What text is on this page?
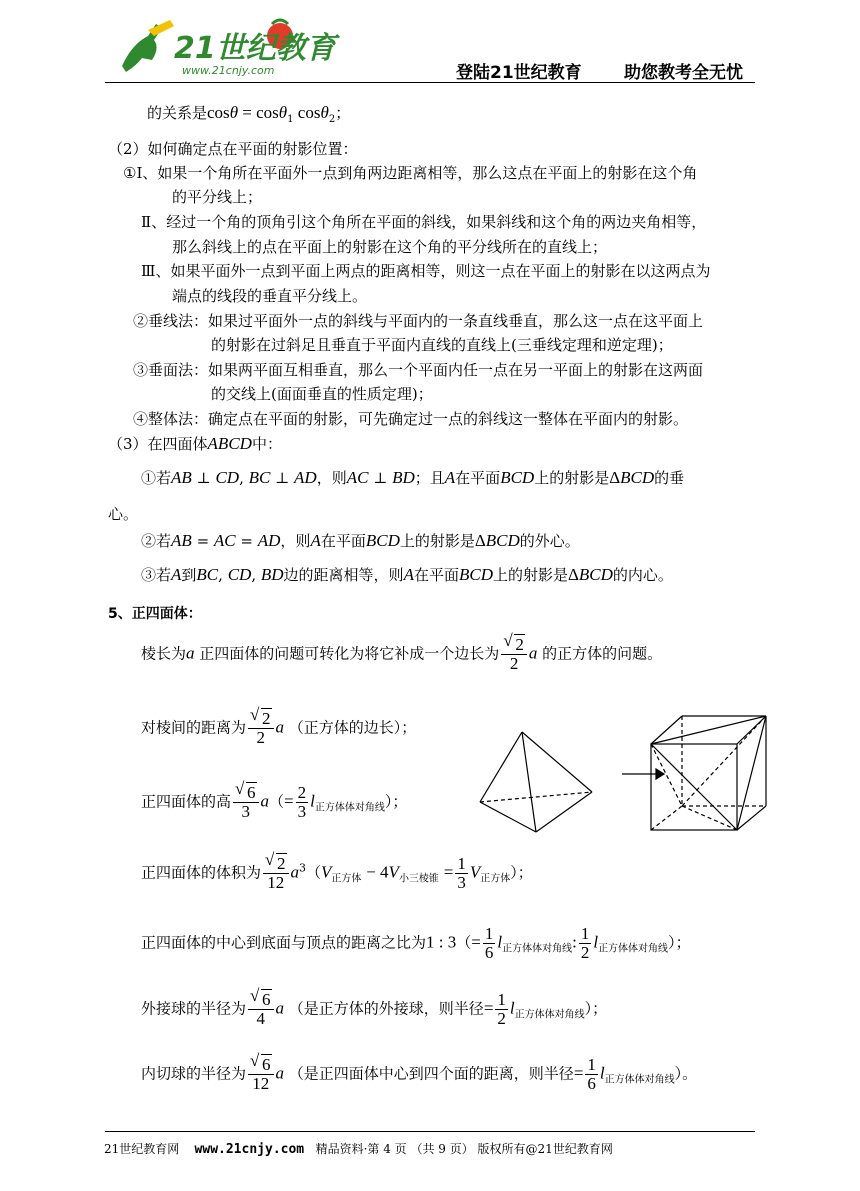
21世纪教育
www.21cnjy.com	登陆21世纪教育 助您教考全无忧
的关系是cosθ = cosθ$_1$ cosθ$_2$；
（2）如何确定点在平面的射影位置：
①Ⅰ、如果一个角所在平面外一点到角两边距离相等，那么这点在平面上的射影在这个角
的平分线上；
Ⅱ、经过一个角的顶角引这个角所在平面的斜线，如果斜线和这个角的两边夹角相等，
那么斜线上的点在平面上的射影在这个角的平分线所在的直线上；
Ⅲ、如果平面外一点到平面上两点的距离相等，则这一点在平面上的射影在以这两点为
端点的线段的垂直平分线上。
②垂线法：如果过平面外一点的斜线与平面内的一条直线垂直，那么这一点在这平面上
的射影在过斜足且垂直于平面内直线的直线上(三垂线定理和逆定理)；
③垂面法：如果两平面互相垂直，那么一个平面内任一点在另一平面上的射影在这两面
的交线上(面面垂直的性质定理)；
④整体法：确定点在平面的射影，可先确定过一点的斜线这一整体在平面内的射影。
（3）在四面体ABCD中：
①若AB ⊥ CD, BC ⊥ AD，则AC ⊥ BD；且A在平面BCD上的射影是ΔBCD的垂
心。
②若AB = AC = AD，则A在平面BCD上的射影是ΔBCD的外心。
③若A到BC, CD, BD边的距离相等，则A在平面BCD上的射影是ΔBCD的内心。
5、正四面体：
棱长为a 正四面体的问题可转化为将它补成一个边长为 √ $\frac{2}{2}$ a 的正方体的问题。
对棱间的距离为 √ $\frac{2}{2}$ a （正方体的边长）；
正四面体的高 √ $\frac{6}{3} a(= \frac{2}{3} l_{正方体体对角线})$；
正四面体的体积为 √ $\frac{2}{12} a^3(V_{正方体} - 4V_{小三棱锥} = \frac{1}{3} V_{正方体})$；
正四面体的中心到底面与顶点的距离之比为1 : $3(= \frac{1}{6} l_{正方体体对角线}$: $\frac{1}{2} l_{正方体体对角线}$）；
外接球的半径为 √ $\frac{6}{4}$ a （是正方体的外接球，则半径= $\frac{1}{2} l_{正方体体对角线}$）；
内切球的半径为 √ $\frac{6}{12}$ a （是正四面体中心到四个面的距离，则半径= $\frac{1}{6} l_{正方体体对角线}$）。
21世纪教育网 www.21cnjy.com 精品资料·第 4 页 （共 9 页） 版权所有@21世纪教育网
